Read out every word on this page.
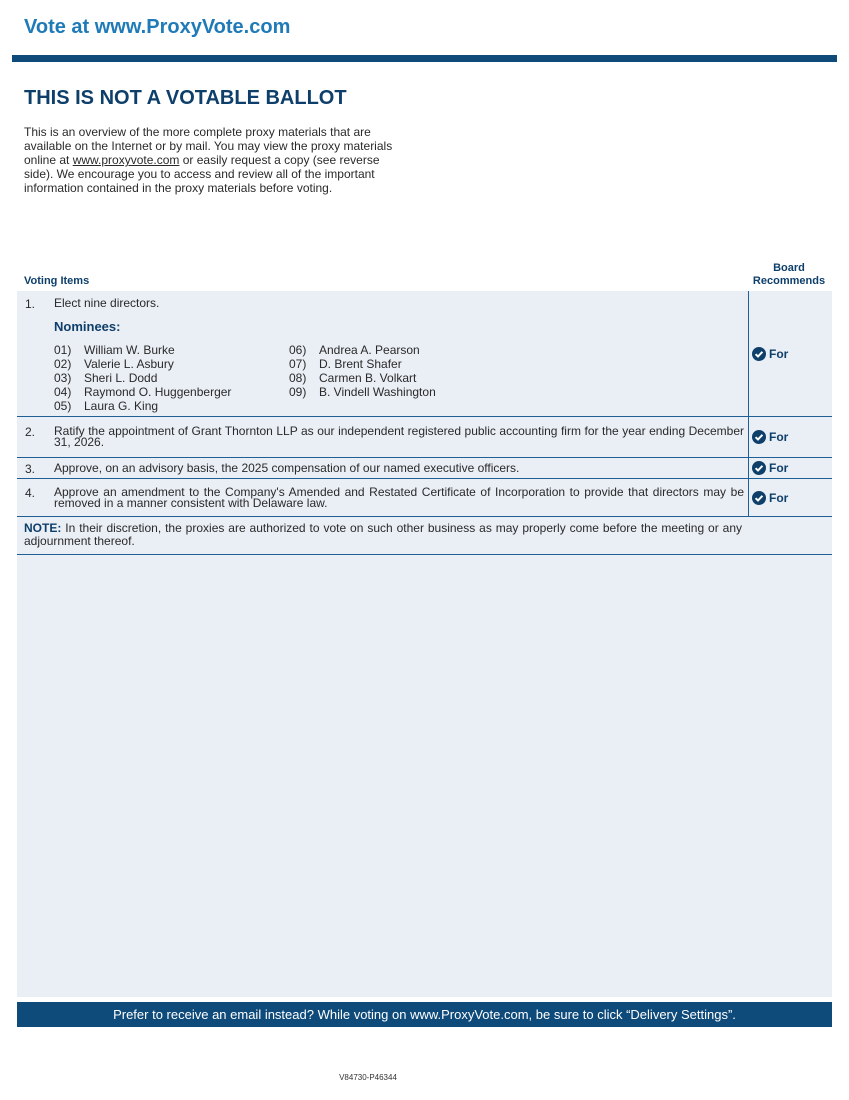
Vote at www.ProxyVote.com
THIS IS NOT A VOTABLE BALLOT
This is an overview of the more complete proxy materials that are available on the Internet or by mail. You may view the proxy materials online at www.proxyvote.com or easily request a copy (see reverse side). We encourage you to access and review all of the important information contained in the proxy materials before voting.
Voting Items
Board
Recommends
1. Elect nine directors.
Nominees:
01) William W. Burke
02) Valerie L. Asbury
03) Sheri L. Dodd
04) Raymond O. Huggenberger
05) Laura G. King
06) Andrea A. Pearson
07) D. Brent Shafer
08) Carmen B. Volkart
09) B. Vindell Washington
For
2. Ratify the appointment of Grant Thornton LLP as our independent registered public accounting firm for the year ending December 31, 2026.	For
3. Approve, on an advisory basis, the 2025 compensation of our named executive officers.	For
4. Approve an amendment to the Company's Amended and Restated Certificate of Incorporation to provide that directors may be removed in a manner consistent with Delaware law.	For
NOTE: In their discretion, the proxies are authorized to vote on such other business as may properly come before the meeting or any adjournment thereof.
Prefer to receive an email instead? While voting on www.ProxyVote.com, be sure to click “Delivery Settings”.
V84730-P46344
